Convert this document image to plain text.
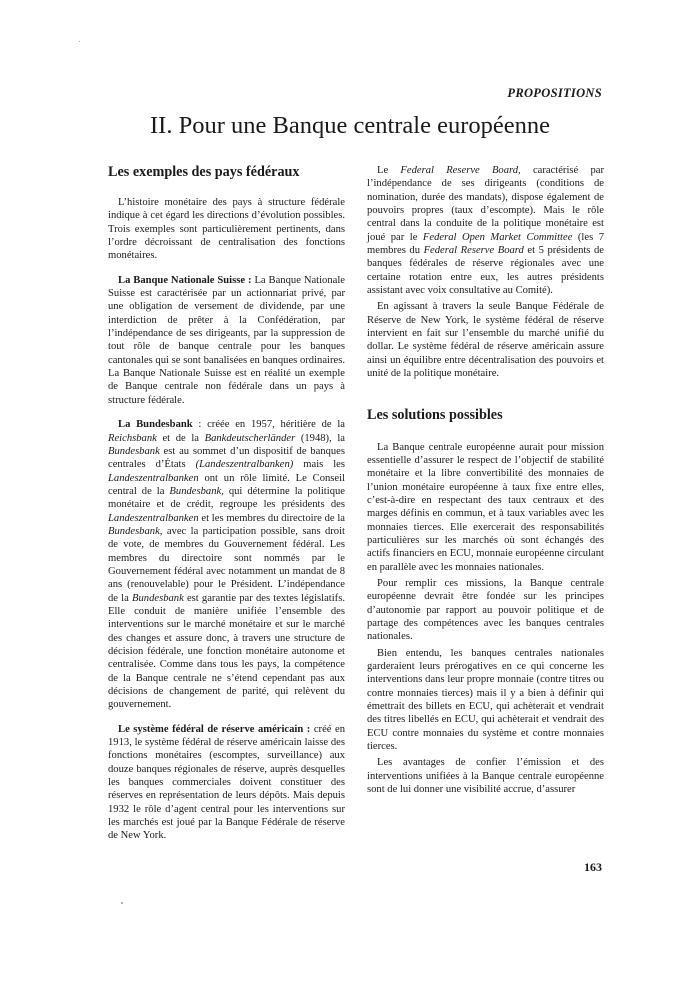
PROPOSITIONS
II. Pour une Banque centrale européenne
Les exemples des pays fédéraux

L’histoire monétaire des pays à structure fédérale indique à cet égard les directions d’évolution possibles. Trois exemples sont particulièrement pertinents, dans l’ordre décroissant de centralisation des fonctions monétaires.

La Banque Nationale Suisse : La Banque Nationale Suisse est caractérisée par un actionnariat privé, par une obligation de versement de dividende, par une interdiction de prêter à la Confédération, par l’indépendance de ses dirigeants, par la suppression de tout rôle de banque centrale pour les banques cantonales qui se sont banalisées en banques ordinaires. La Banque Nationale Suisse est en réalité un exemple de Banque centrale non fédérale dans un pays à structure fédérale.

La Bundesbank : créée en 1957, héritière de la Reichsbank et de la Bankdeutscherländer (1948), la Bundesbank est au sommet d’un dispositif de banques centrales d’États (Landeszentralbanken) mais les Landeszentralbanken ont un rôle limité. Le Conseil central de la Bundesbank, qui détermine la politique monétaire et de crédit, regroupe les présidents des Landeszentralbanken et les membres du directoire de la Bundesbank, avec la participation possible, sans droit de vote, de membres du Gouvernement fédéral. Les membres du directoire sont nommés par le Gouvernement fédéral avec notamment un mandat de 8 ans (renouvelable) pour le Président. L’indépendance de la Bundesbank est garantie par des textes législatifs. Elle conduit de manière unifiée l’ensemble des interventions sur le marché monétaire et sur le marché des changes et assure donc, à travers une structure de décision fédérale, une fonction monétaire autonome et centralisée. Comme dans tous les pays, la compétence de la Banque centrale ne s’étend cependant pas aux décisions de changement de parité, qui relèvent du gouvernement.

Le système fédéral de réserve américain : créé en 1913, le système fédéral de réserve américain laisse des fonctions monétaires (escomptes, surveillance) aux douze banques régionales de réserve, auprès desquelles les banques commerciales doivent constituer des réserves en représentation de leurs dépôts. Mais depuis 1932 le rôle d’agent central pour les interventions sur les marchés est joué par la Banque Fédérale de réserve de New York.

Le Federal Reserve Board, caractérisé par l’indépendance de ses dirigeants (conditions de nomination, durée des mandats), dispose également de pouvoirs propres (taux d’escompte). Mais le rôle central dans la conduite de la politique monétaire est joué par le Federal Open Market Committee (les 7 membres du Federal Reserve Board et 5 présidents de banques fédérales de réserve régionales avec une certaine rotation entre eux, les autres présidents assistant avec voix consultative au Comité).

En agissant à travers la seule Banque Fédérale de Réserve de New York, le système fédéral de réserve intervient en fait sur l’ensemble du marché unifié du dollar. Le système fédéral de réserve américain assure ainsi un équilibre entre décentralisation des pouvoirs et unité de la politique monétaire.

Les solutions possibles

La Banque centrale européenne aurait pour mission essentielle d’assurer le respect de l’objectif de stabilité monétaire et la libre convertibilité des monnaies de l’union monétaire européenne à taux fixe entre elles, c’est-à-dire en respectant des taux centraux et des marges définis en commun, et à taux variables avec les monnaies tierces. Elle exercerait des responsabilités particulières sur les marchés où sont échangés des actifs financiers en ECU, monnaie européenne circulant en parallèle avec les monnaies nationales.

Pour remplir ces missions, la Banque centrale européenne devrait être fondée sur les principes d’autonomie par rapport au pouvoir politique et de partage des compétences avec les banques centrales nationales.

Bien entendu, les banques centrales nationales garderaient leurs prérogatives en ce qui concerne les interventions dans leur propre monnaie (contre titres ou contre monnaies tierces) mais il y a bien à définir qui émettrait des billets en ECU, qui achèterait et vendrait des titres libellés en ECU, qui achèterait et vendrait des ECU contre monnaies du système et contre monnaies tierces.

Les avantages de confier l’émission et des interventions unifiées à la Banque centrale européenne sont de lui donner une visibilité accrue, d’assurer

163
